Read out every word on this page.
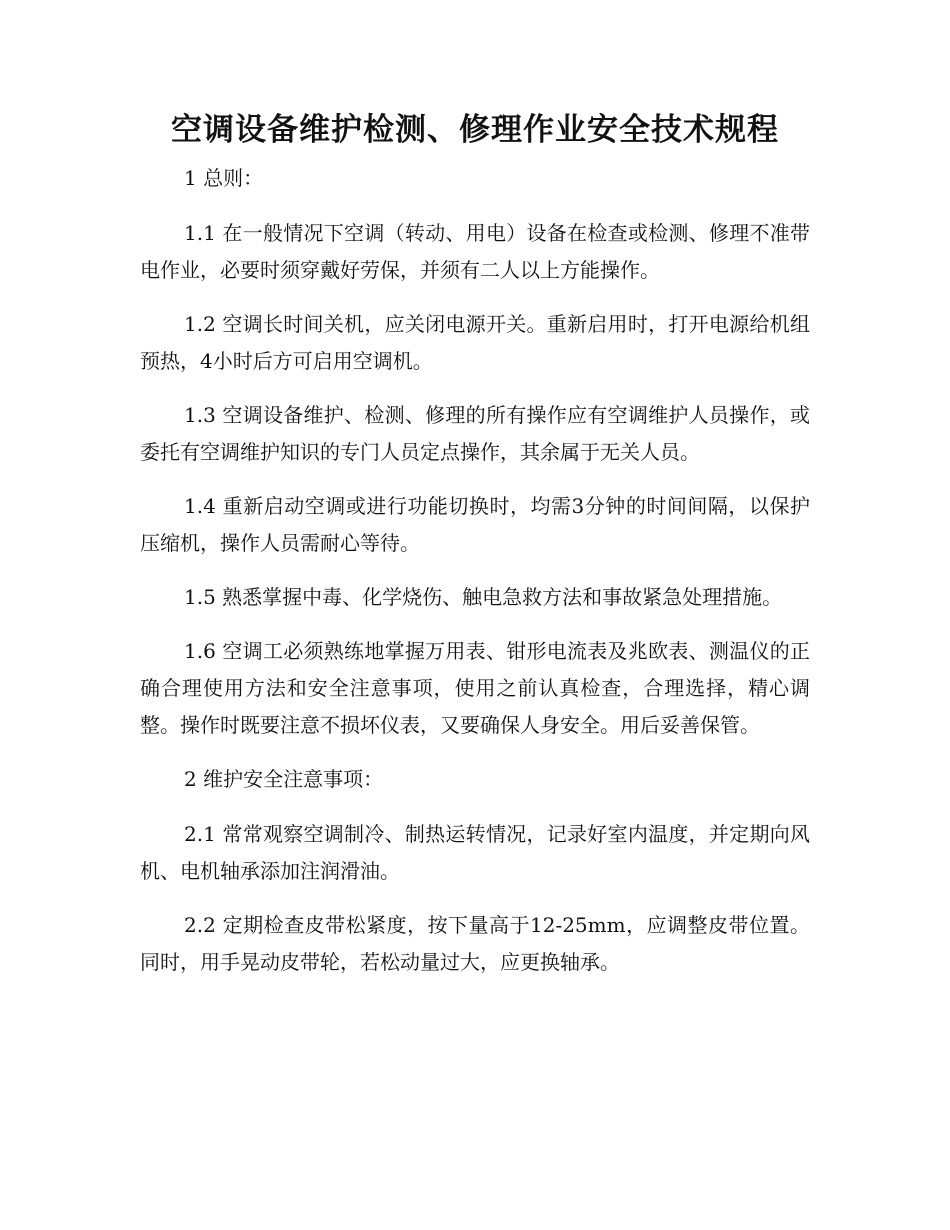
空调设备维护检测、修理作业安全技术规程

1 总则：

1.1 在一般情况下空调（转动、用电）设备在检查或检测、修理不准带电作业，必要时须穿戴好劳保，并须有二人以上方能操作。

1.2 空调长时间关机，应关闭电源开关。重新启用时，打开电源给机组预热，4小时后方可启用空调机。

1.3 空调设备维护、检测、修理的所有操作应有空调维护人员操作，或委托有空调维护知识的专门人员定点操作，其余属于无关人员。

1.4 重新启动空调或进行功能切换时，均需3分钟的时间间隔，以保护压缩机，操作人员需耐心等待。

1.5 熟悉掌握中毒、化学烧伤、触电急救方法和事故紧急处理措施。

1.6 空调工必须熟练地掌握万用表、钳形电流表及兆欧表、测温仪的正确合理使用方法和安全注意事项，使用之前认真检查，合理选择，精心调整。操作时既要注意不损坏仪表，又要确保人身安全。用后妥善保管。

2 维护安全注意事项：

2.1 常常观察空调制冷、制热运转情况，记录好室内温度，并定期向风机、电机轴承添加注润滑油。

2.2 定期检查皮带松紧度，按下量高于12-25mm，应调整皮带位置。同时，用手晃动皮带轮，若松动量过大，应更换轴承。
